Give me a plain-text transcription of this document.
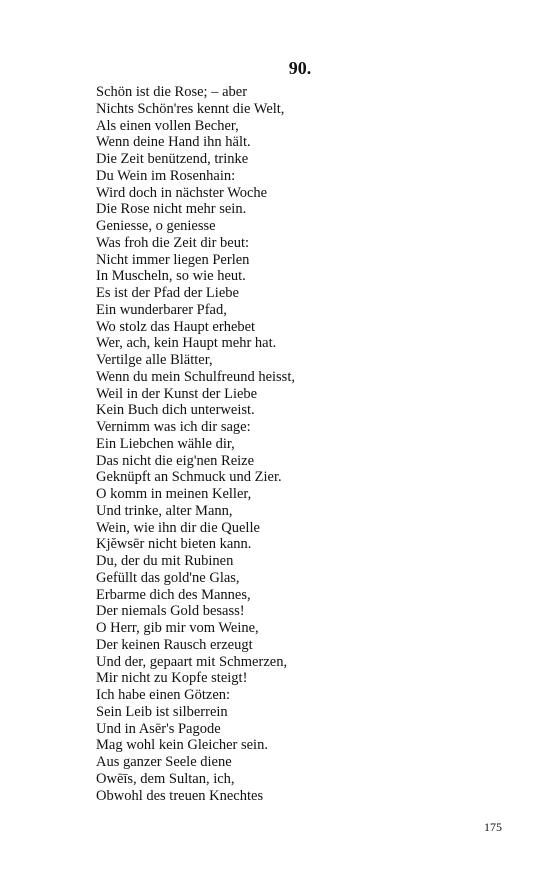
90.
Schön ist die Rose; – aber
Nichts Schön'res kennt die Welt,
Als einen vollen Becher,
Wenn deine Hand ihn hält.
Die Zeit benützend, trinke
Du Wein im Rosenhain:
Wird doch in nächster Woche
Die Rose nicht mehr sein.
Geniesse, o geniesse
Was froh die Zeit dir beut:
Nicht immer liegen Perlen
In Muscheln, so wie heut.
Es ist der Pfad der Liebe
Ein wunderbarer Pfad,
Wo stolz das Haupt erhebet
Wer, ach, kein Haupt mehr hat.
Vertilge alle Blätter,
Wenn du mein Schulfreund heisst,
Weil in der Kunst der Liebe
Kein Buch dich unterweist.
Vernimm was ich dir sage:
Ein Liebchen wähle dir,
Das nicht die eig'nen Reize
Geknüpft an Schmuck und Zier.
O komm in meinen Keller,
Und trinke, alter Mann,
Wein, wie ihn dir die Quelle
Kjĕwsēr nicht bieten kann.
Du, der du mit Rubinen
Gefüllt das gold'ne Glas,
Erbarme dich des Mannes,
Der niemals Gold besass!
O Herr, gib mir vom Weine,
Der keinen Rausch erzeugt
Und der, gepaart mit Schmerzen,
Mir nicht zu Kopfe steigt!
Ich habe einen Götzen:
Sein Leib ist silberrein
Und in Asēr's Pagode
Mag wohl kein Gleicher sein.
Aus ganzer Seele diene
Owēīs, dem Sultan, ich,
Obwohl des treuen Knechtes
175
